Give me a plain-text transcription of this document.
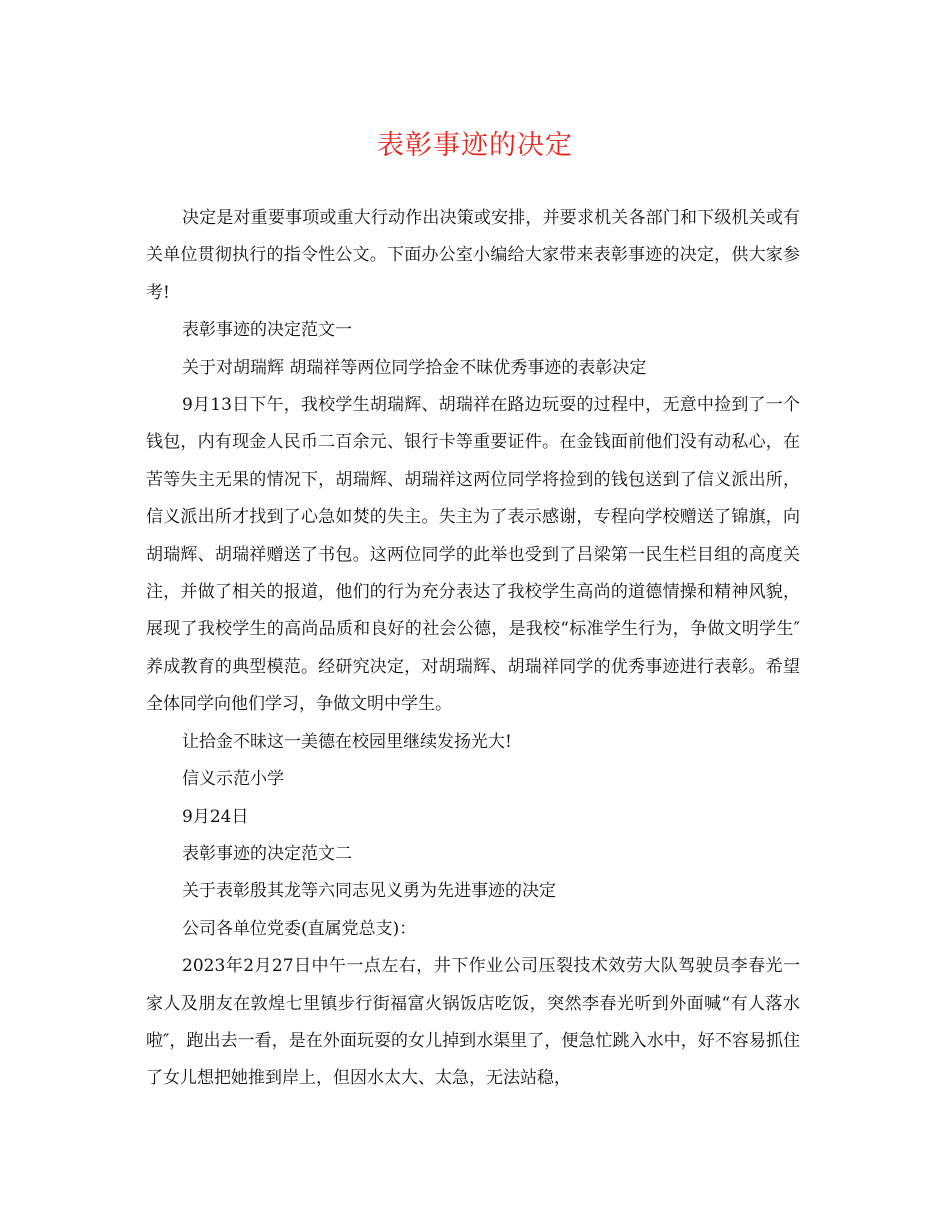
表彰事迹的决定

决定是对重要事项或重大行动作出决策或安排，并要求机关各部门和下级机关或有关单位贯彻执行的指令性公文。下面办公室小编给大家带来表彰事迹的决定，供大家参考!

表彰事迹的决定范文一

关于对胡瑞辉 胡瑞祥等两位同学拾金不昧优秀事迹的表彰决定

9月13日下午，我校学生胡瑞辉、胡瑞祥在路边玩耍的过程中，无意中捡到了一个钱包，内有现金人民币二百余元、银行卡等重要证件。在金钱面前他们没有动私心，在苦等失主无果的情况下，胡瑞辉、胡瑞祥这两位同学将捡到的钱包送到了信义派出所，信义派出所才找到了心急如焚的失主。失主为了表示感谢，专程向学校赠送了锦旗，向胡瑞辉、胡瑞祥赠送了书包。这两位同学的此举也受到了吕梁第一民生栏目组的高度关注，并做了相关的报道，他们的行为充分表达了我校学生高尚的道德情操和精神风貌，展现了我校学生的高尚品质和良好的社会公德，是我校“标准学生行为，争做文明学生″养成教育的典型模范。经研究决定，对胡瑞辉、胡瑞祥同学的优秀事迹进行表彰。希望全体同学向他们学习，争做文明中学生。

让拾金不昧这一美德在校园里继续发扬光大!

信义示范小学

9月24日

表彰事迹的决定范文二

关于表彰殷其龙等六同志见义勇为先进事迹的决定

公司各单位党委(直属党总支)：

2023年2月27日中午一点左右，井下作业公司压裂技术效劳大队驾驶员李春光一家人及朋友在敦煌七里镇步行街福富火锅饭店吃饭，突然李春光听到外面喊“有人落水啦″，跑出去一看，是在外面玩耍的女儿掉到水渠里了，便急忙跳入水中，好不容易抓住了女儿想把她推到岸上，但因水太大、太急，无法站稳，
